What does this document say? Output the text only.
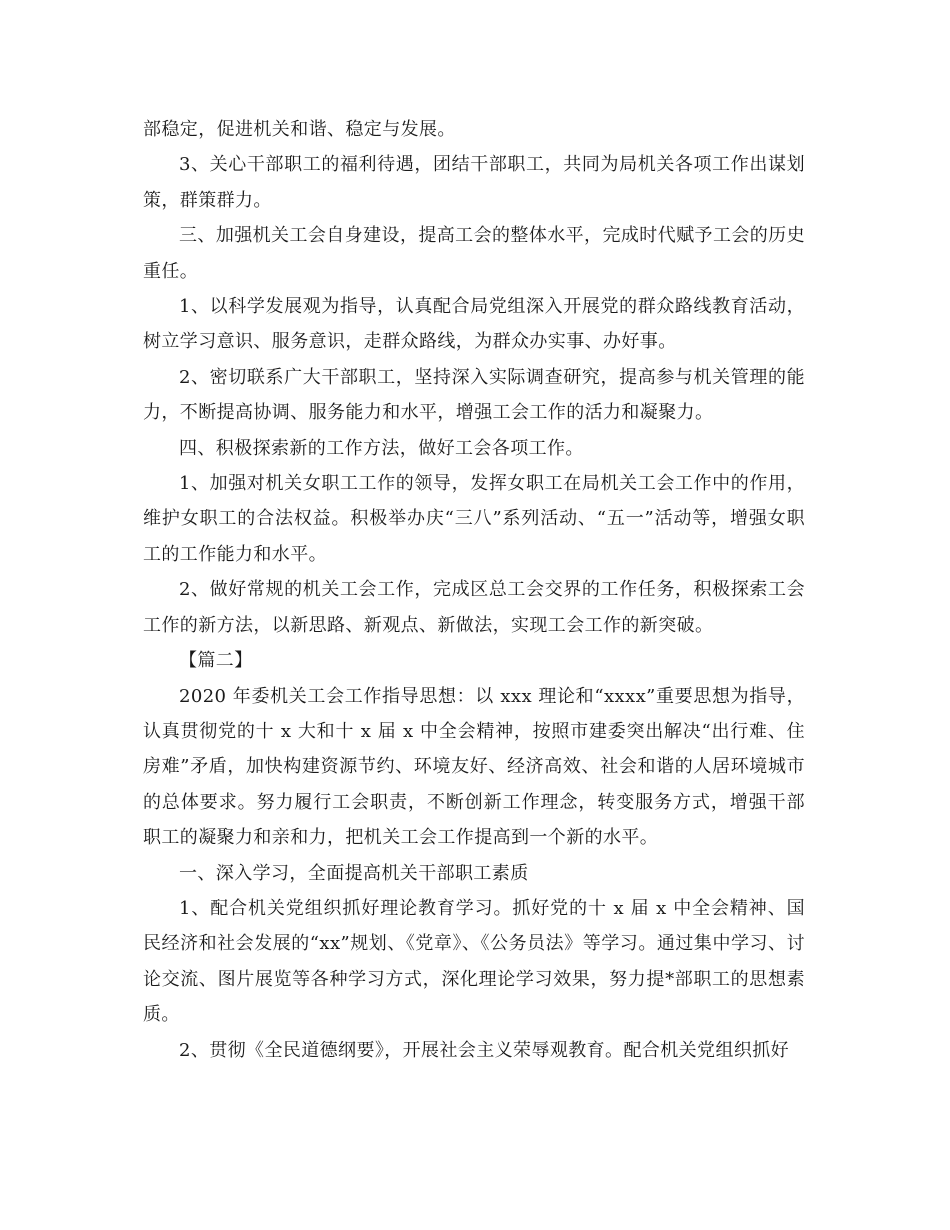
部稳定，促进机关和谐、稳定与发展。

3、关心干部职工的福利待遇，团结干部职工，共同为局机关各项工作出谋划策，群策群力。

三、加强机关工会自身建设，提高工会的整体水平，完成时代赋予工会的历史重任。

1、以科学发展观为指导，认真配合局党组深入开展党的群众路线教育活动，树立学习意识、服务意识，走群众路线，为群众办实事、办好事。

2、密切联系广大干部职工，坚持深入实际调查研究，提高参与机关管理的能力，不断提高协调、服务能力和水平，增强工会工作的活力和凝聚力。

四、积极探索新的工作方法，做好工会各项工作。

1、加强对机关女职工工作的领导，发挥女职工在局机关工会工作中的作用，维护女职工的合法权益。积极举办庆“三八”系列活动、“五一”活动等，增强女职工的工作能力和水平。

2、做好常规的机关工会工作，完成区总工会交界的工作任务，积极探索工会工作的新方法，以新思路、新观点、新做法，实现工会工作的新突破。

【篇二】

2020 年委机关工会工作指导思想：以 xxx 理论和“xxxx”重要思想为指导，认真贯彻党的十 x 大和十 x 届 x 中全会精神，按照市建委突出解决“出行难、住房难”矛盾，加快构建资源节约、环境友好、经济高效、社会和谐的人居环境城市的总体要求。努力履行工会职责，不断创新工作理念，转变服务方式，增强干部职工的凝聚力和亲和力，把机关工会工作提高到一个新的水平。

一、深入学习，全面提高机关干部职工素质

1、配合机关党组织抓好理论教育学习。抓好党的十 x 届 x 中全会精神、国民经济和社会发展的“xx”规划、《党章》、《公务员法》等学习。通过集中学习、讨论交流、图片展览等各种学习方式，深化理论学习效果，努力提*部职工的思想素质。

2、贯彻《全民道德纲要》，开展社会主义荣辱观教育。配合机关党组织抓好
